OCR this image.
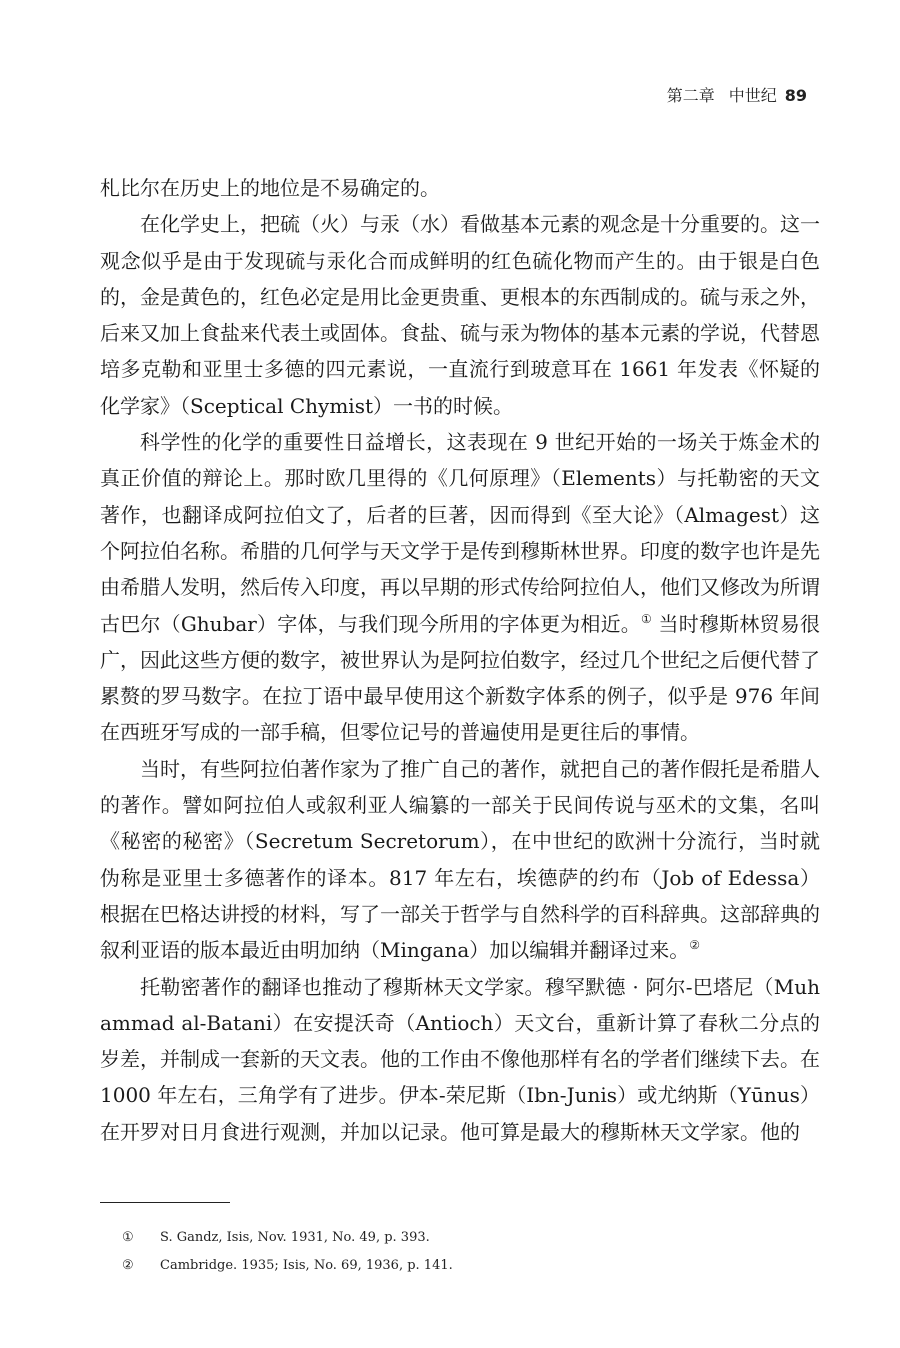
第二章 中世纪 89

札比尔在历史上的地位是不易确定的。

在化学史上，把硫（火）与汞（水）看做基本元素的观念是十分重要的。这一观念似乎是由于发现硫与汞化合而成鲜明的红色硫化物而产生的。由于银是白色的，金是黄色的，红色必定是用比金更贵重、更根本的东西制成的。硫与汞之外，后来又加上食盐来代表土或固体。食盐、硫与汞为物体的基本元素的学说，代替恩培多克勒和亚里士多德的四元素说，一直流行到玻意耳在 1661 年发表《怀疑的化学家》（Sceptical Chymist）一书的时候。

科学性的化学的重要性日益增长，这表现在 9 世纪开始的一场关于炼金术的真正价值的辩论上。那时欧几里得的《几何原理》（Elements）与托勒密的天文著作，也翻译成阿拉伯文了，后者的巨著，因而得到《至大论》（Almagest）这个阿拉伯名称。希腊的几何学与天文学于是传到穆斯林世界。印度的数字也许是先由希腊人发明，然后传入印度，再以早期的形式传给阿拉伯人，他们又修改为所谓古巴尔（Ghubar）字体，与我们现今所用的字体更为相近。① 当时穆斯林贸易很广，因此这些方便的数字，被世界认为是阿拉伯数字，经过几个世纪之后便代替了累赘的罗马数字。在拉丁语中最早使用这个新数字体系的例子，似乎是 976 年间在西班牙写成的一部手稿，但零位记号的普遍使用是更往后的事情。

当时，有些阿拉伯著作家为了推广自己的著作，就把自己的著作假托是希腊人的著作。譬如阿拉伯人或叙利亚人编纂的一部关于民间传说与巫术的文集，名叫《秘密的秘密》（Secretum Secretorum），在中世纪的欧洲十分流行，当时就伪称是亚里士多德著作的译本。817 年左右，埃德萨的约布（Job of Edessa）根据在巴格达讲授的材料，写了一部关于哲学与自然科学的百科辞典。这部辞典的叙利亚语的版本最近由明加纳（Mingana）加以编辑并翻译过来。②

托勒密著作的翻译也推动了穆斯林天文学家。穆罕默德 · 阿尔-巴塔尼（Muhammad al-Batani）在安提沃奇（Antioch）天文台，重新计算了春秋二分点的岁差，并制成一套新的天文表。他的工作由不像他那样有名的学者们继续下去。在 1000 年左右，三角学有了进步。伊本-荣尼斯（Ibn-Junis）或尤纳斯（Yūnus）在开罗对日月食进行观测，并加以记录。他可算是最大的穆斯林天文学家。他的

① S. Gandz, Isis, Nov. 1931, No. 49, p. 393.
② Cambridge. 1935; Isis, No. 69, 1936, p. 141.
